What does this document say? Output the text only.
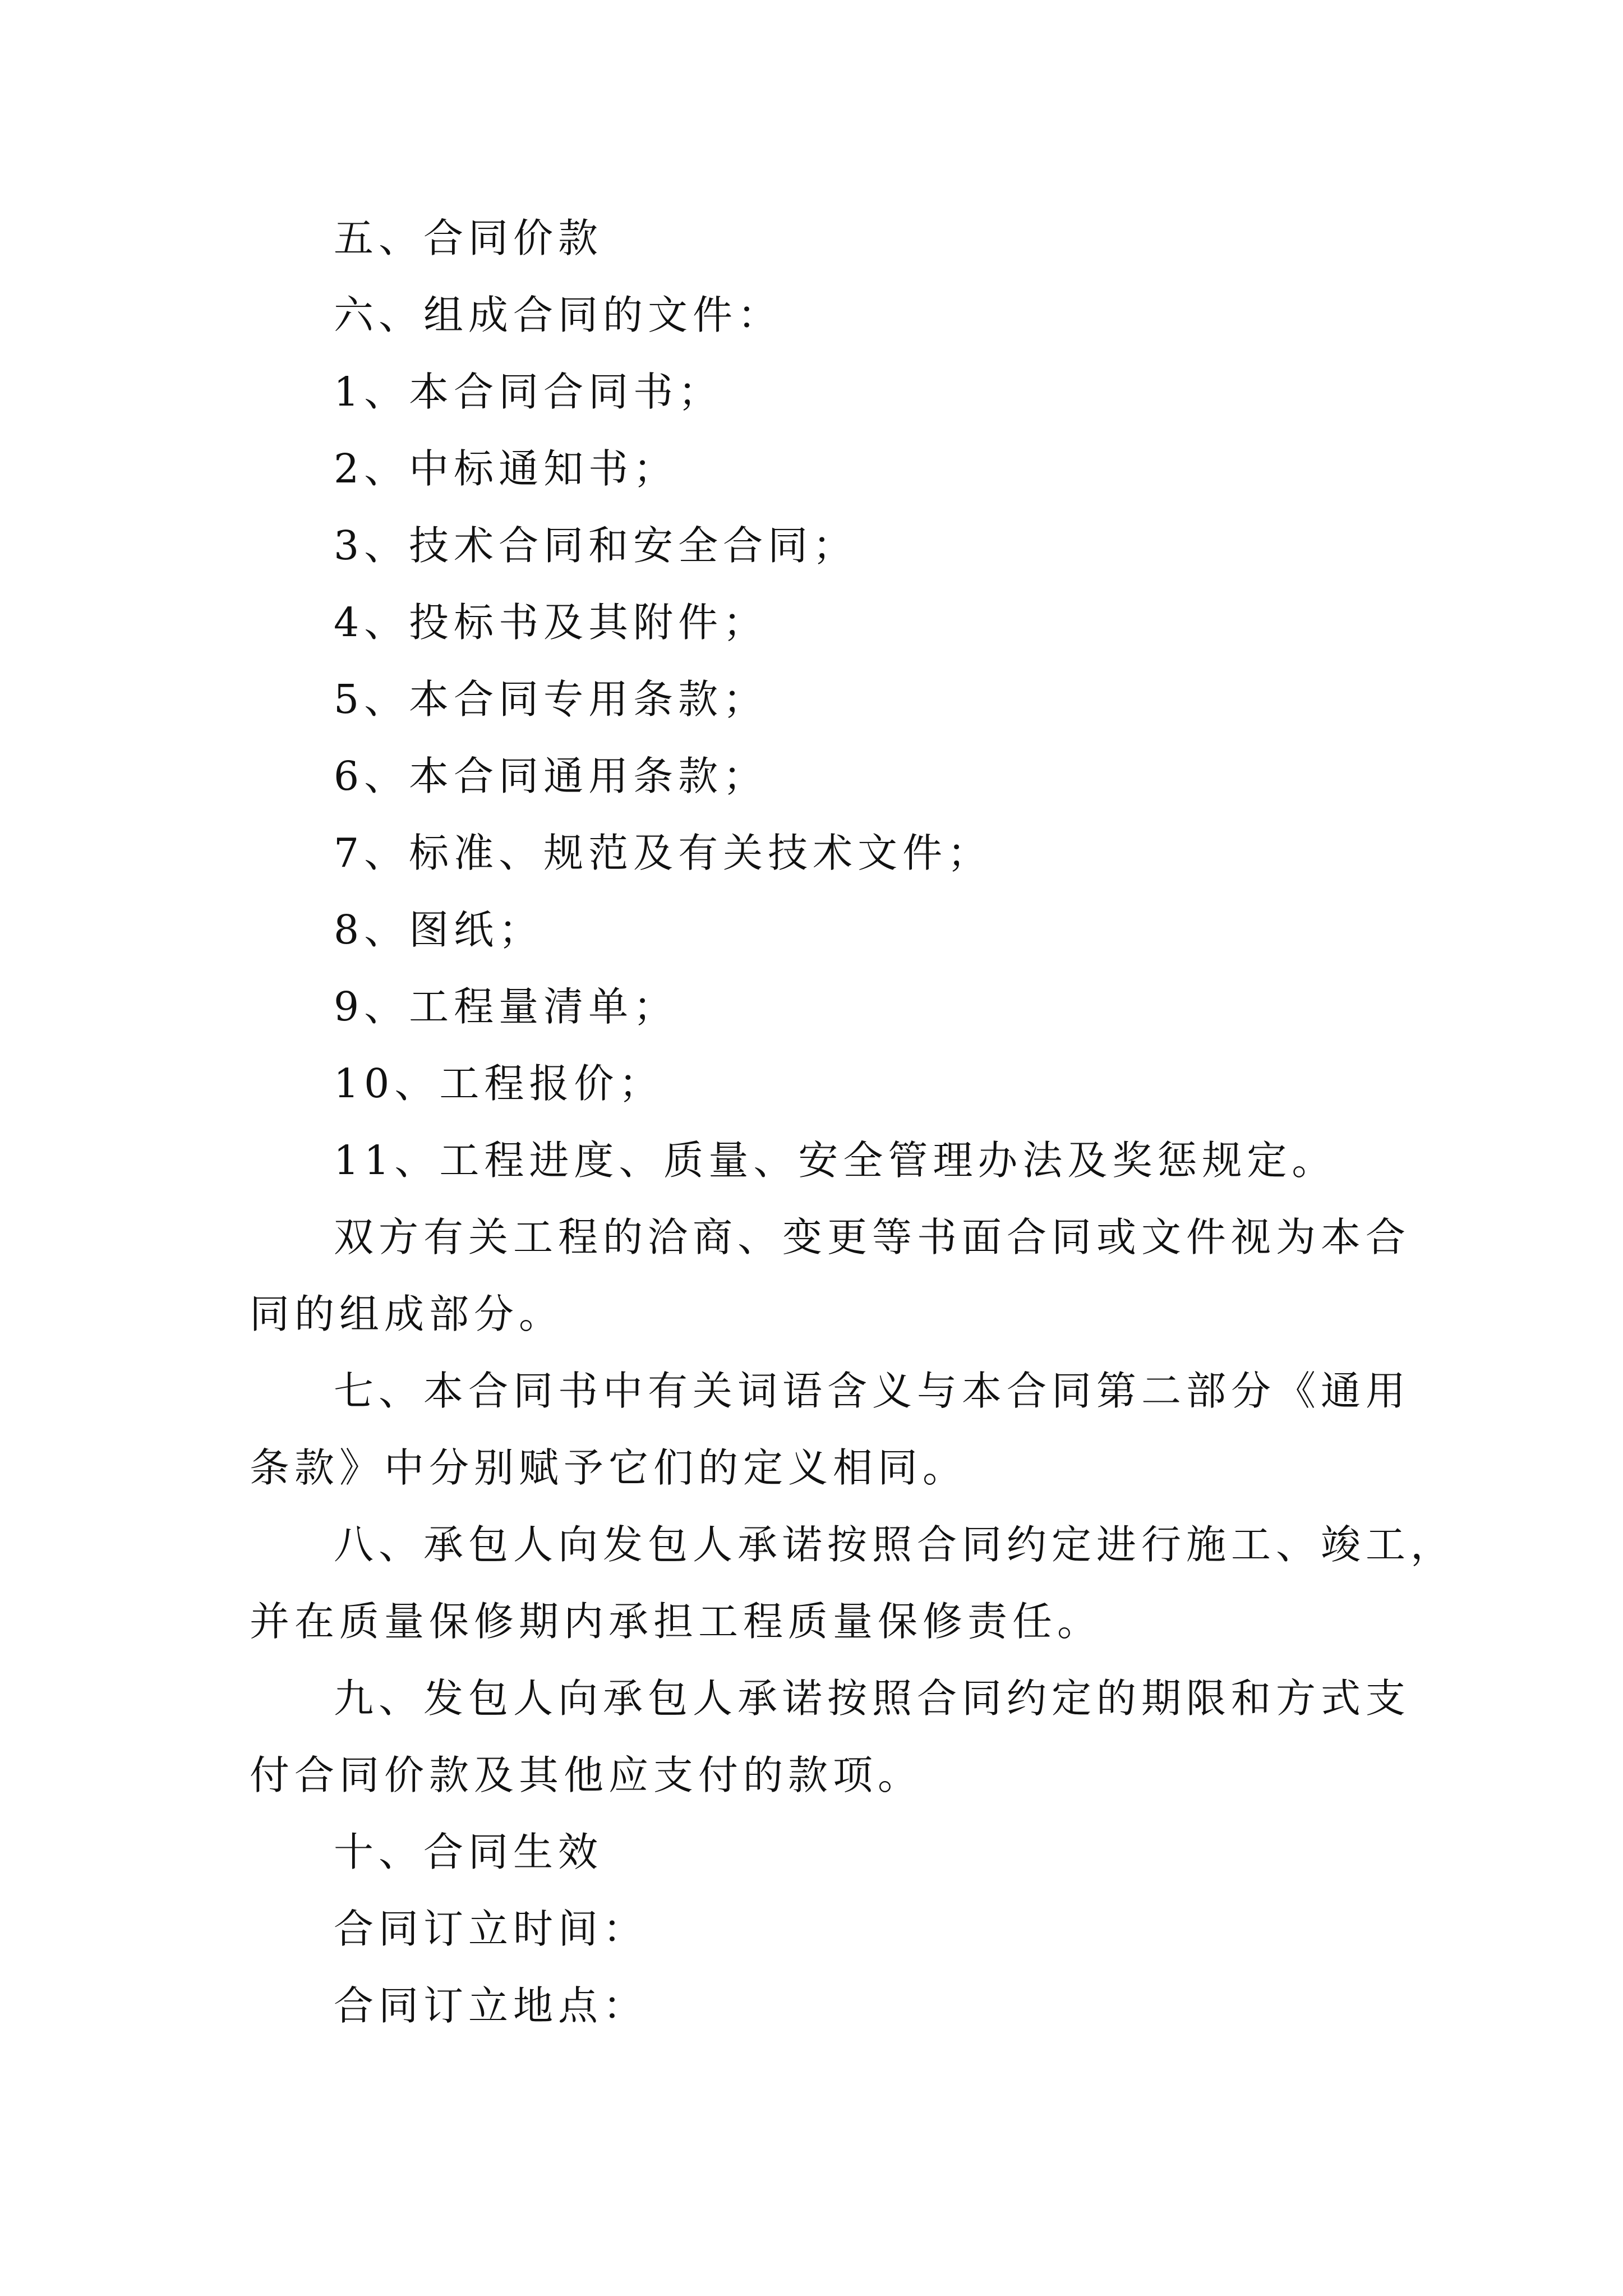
五、合同价款
六、组成合同的文件：
1、本合同合同书；
2、中标通知书；
3、技术合同和安全合同；
4、投标书及其附件；
5、本合同专用条款；
6、本合同通用条款；
7、标准、规范及有关技术文件；
8、图纸；
9、工程量清单；
10、工程报价；
11、工程进度、质量、安全管理办法及奖惩规定。
双方有关工程的洽商、变更等书面合同或文件视为本合
同的组成部分。
七、本合同书中有关词语含义与本合同第二部分《通用
条款》中分别赋予它们的定义相同。
八、承包人向发包人承诺按照合同约定进行施工、竣工，
并在质量保修期内承担工程质量保修责任。
九、发包人向承包人承诺按照合同约定的期限和方式支
付合同价款及其他应支付的款项。
十、合同生效
合同订立时间：
合同订立地点：
